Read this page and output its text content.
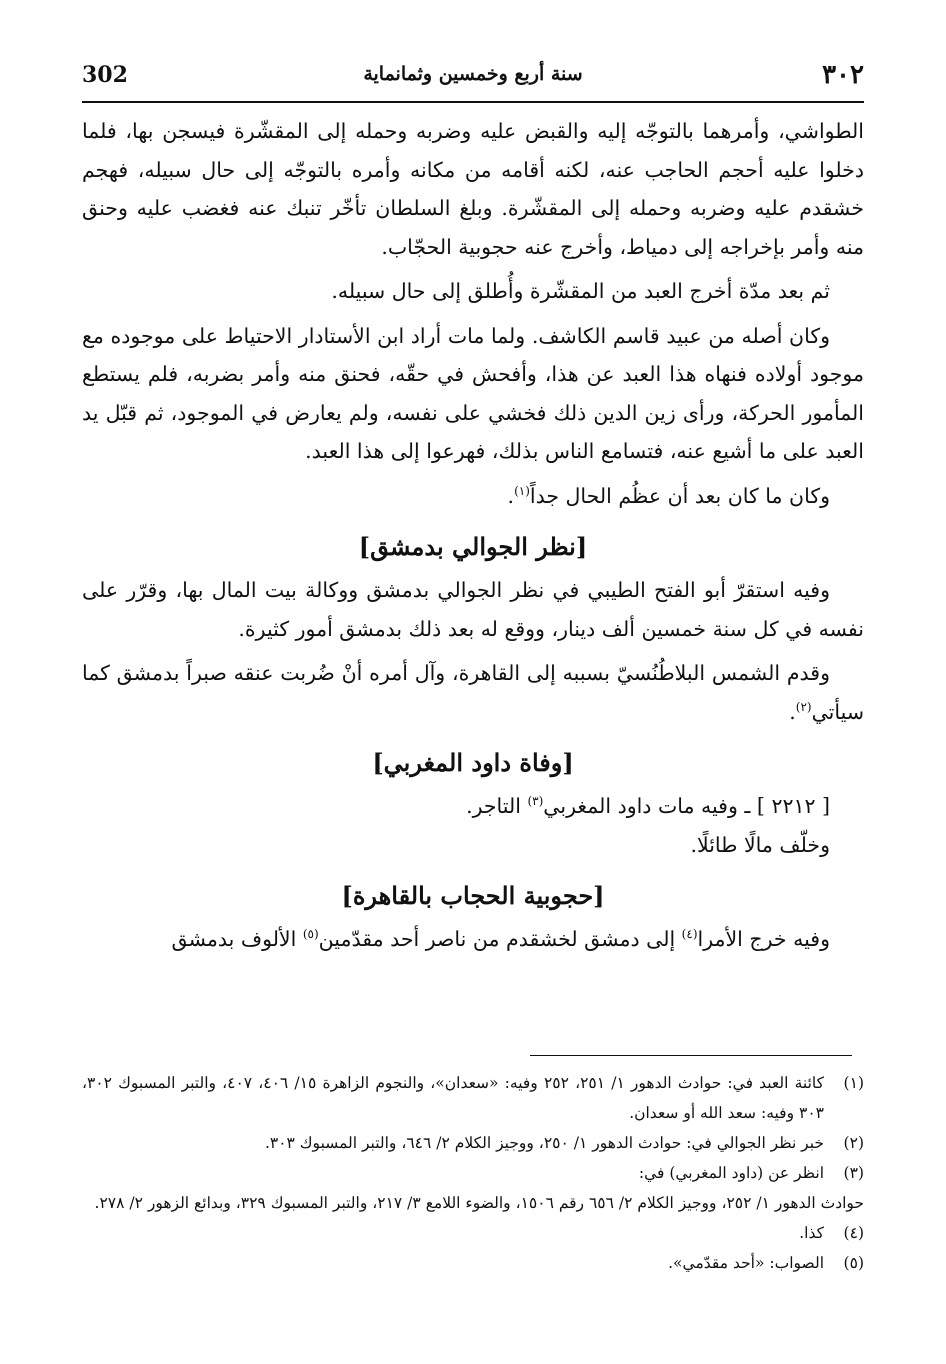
٣٠٢
سنة أربع وخمسين وثمانماية
302

الطواشي، وأمرهما بالتوجّه إليه والقبض عليه وضربه وحمله إلى المقشّرة فيسجن بها، فلما دخلوا عليه أحجم الحاجب عنه، لكنه أقامه من مكانه وأمره بالتوجّه إلى حال سبيله، فهجم خشقدم عليه وضربه وحمله إلى المقشّرة. وبلغ السلطان تأخّر تنبك عنه فغضب عليه وحنق منه وأمر بإخراجه إلى دمياط، وأخرج عنه حجوبية الحجّاب.

ثم بعد مدّة أخرج العبد من المقشّرة وأُطلق إلى حال سبيله.

وكان أصله من عبيد قاسم الكاشف. ولما مات أراد ابن الأستادار الاحتياط على موجوده مع موجود أولاده فنهاه هذا العبد عن هذا، وأفحش في حقّه، فحنق منه وأمر بضربه، فلم يستطع المأمور الحركة، ورأى زين الدين ذلك فخشي على نفسه، ولم يعارض في الموجود، ثم قبّل يد العبد على ما أشيع عنه، فتسامع الناس بذلك، فهرعوا إلى هذا العبد.

وكان ما كان بعد أن عظُم الحال جداً$^{(١)}$.

[نظر الجوالي بدمشق]

وفيه استقرّ أبو الفتح الطيبي في نظر الجوالي بدمشق ووكالة بيت المال بها، وقرّر على نفسه في كل سنة خمسين ألف دينار، ووقع له بعد ذلك بدمشق أمور كثيرة.

وقدم الشمس البلاطُنُسيّ بسببه إلى القاهرة، وآل أمره أنْ ضُربت عنقه صبراً بدمشق كما سيأتي$^{(٢)}$.

[وفاة داود المغربي]

[ ٢٢١٢ ] ـ وفيه مات داود المغربي$^{(٣)}$ التاجر.

وخلّف مالًا طائلًا.

[حجوبية الحجاب بالقاهرة]

وفيه خرج الأمرا$^{(٤)}$ إلى دمشق لخشقدم من ناصر أحد مقدّمين$^{(٥)}$ الألوف بدمشق

(١)
كائنة العبد في: حوادث الدهور ١/ ٢٥١، ٢٥٢ وفيه: «سعدان»، والنجوم الزاهرة ١٥/ ٤٠٦، ٤٠٧، والتبر المسبوك ٣٠٢، ٣٠٣ وفيه: سعد الله أو سعدان.
(٢)
خبر نظر الجوالي في: حوادث الدهور ١/ ٢٥٠، ووجيز الكلام ٢/ ٦٤٦، والتبر المسبوك ٣٠٣.
(٣)
انظر عن (داود المغربي) في:
حوادث الدهور ١/ ٢٥٢، ووجيز الكلام ٢/ ٦٥٦ رقم ١٥٠٦، والضوء اللامع ٣/ ٢١٧، والتبر المسبوك ٣٢٩، وبدائع الزهور ٢/ ٢٧٨.
(٤)
كذا.
(٥)
الصواب: «أحد مقدّمي».
